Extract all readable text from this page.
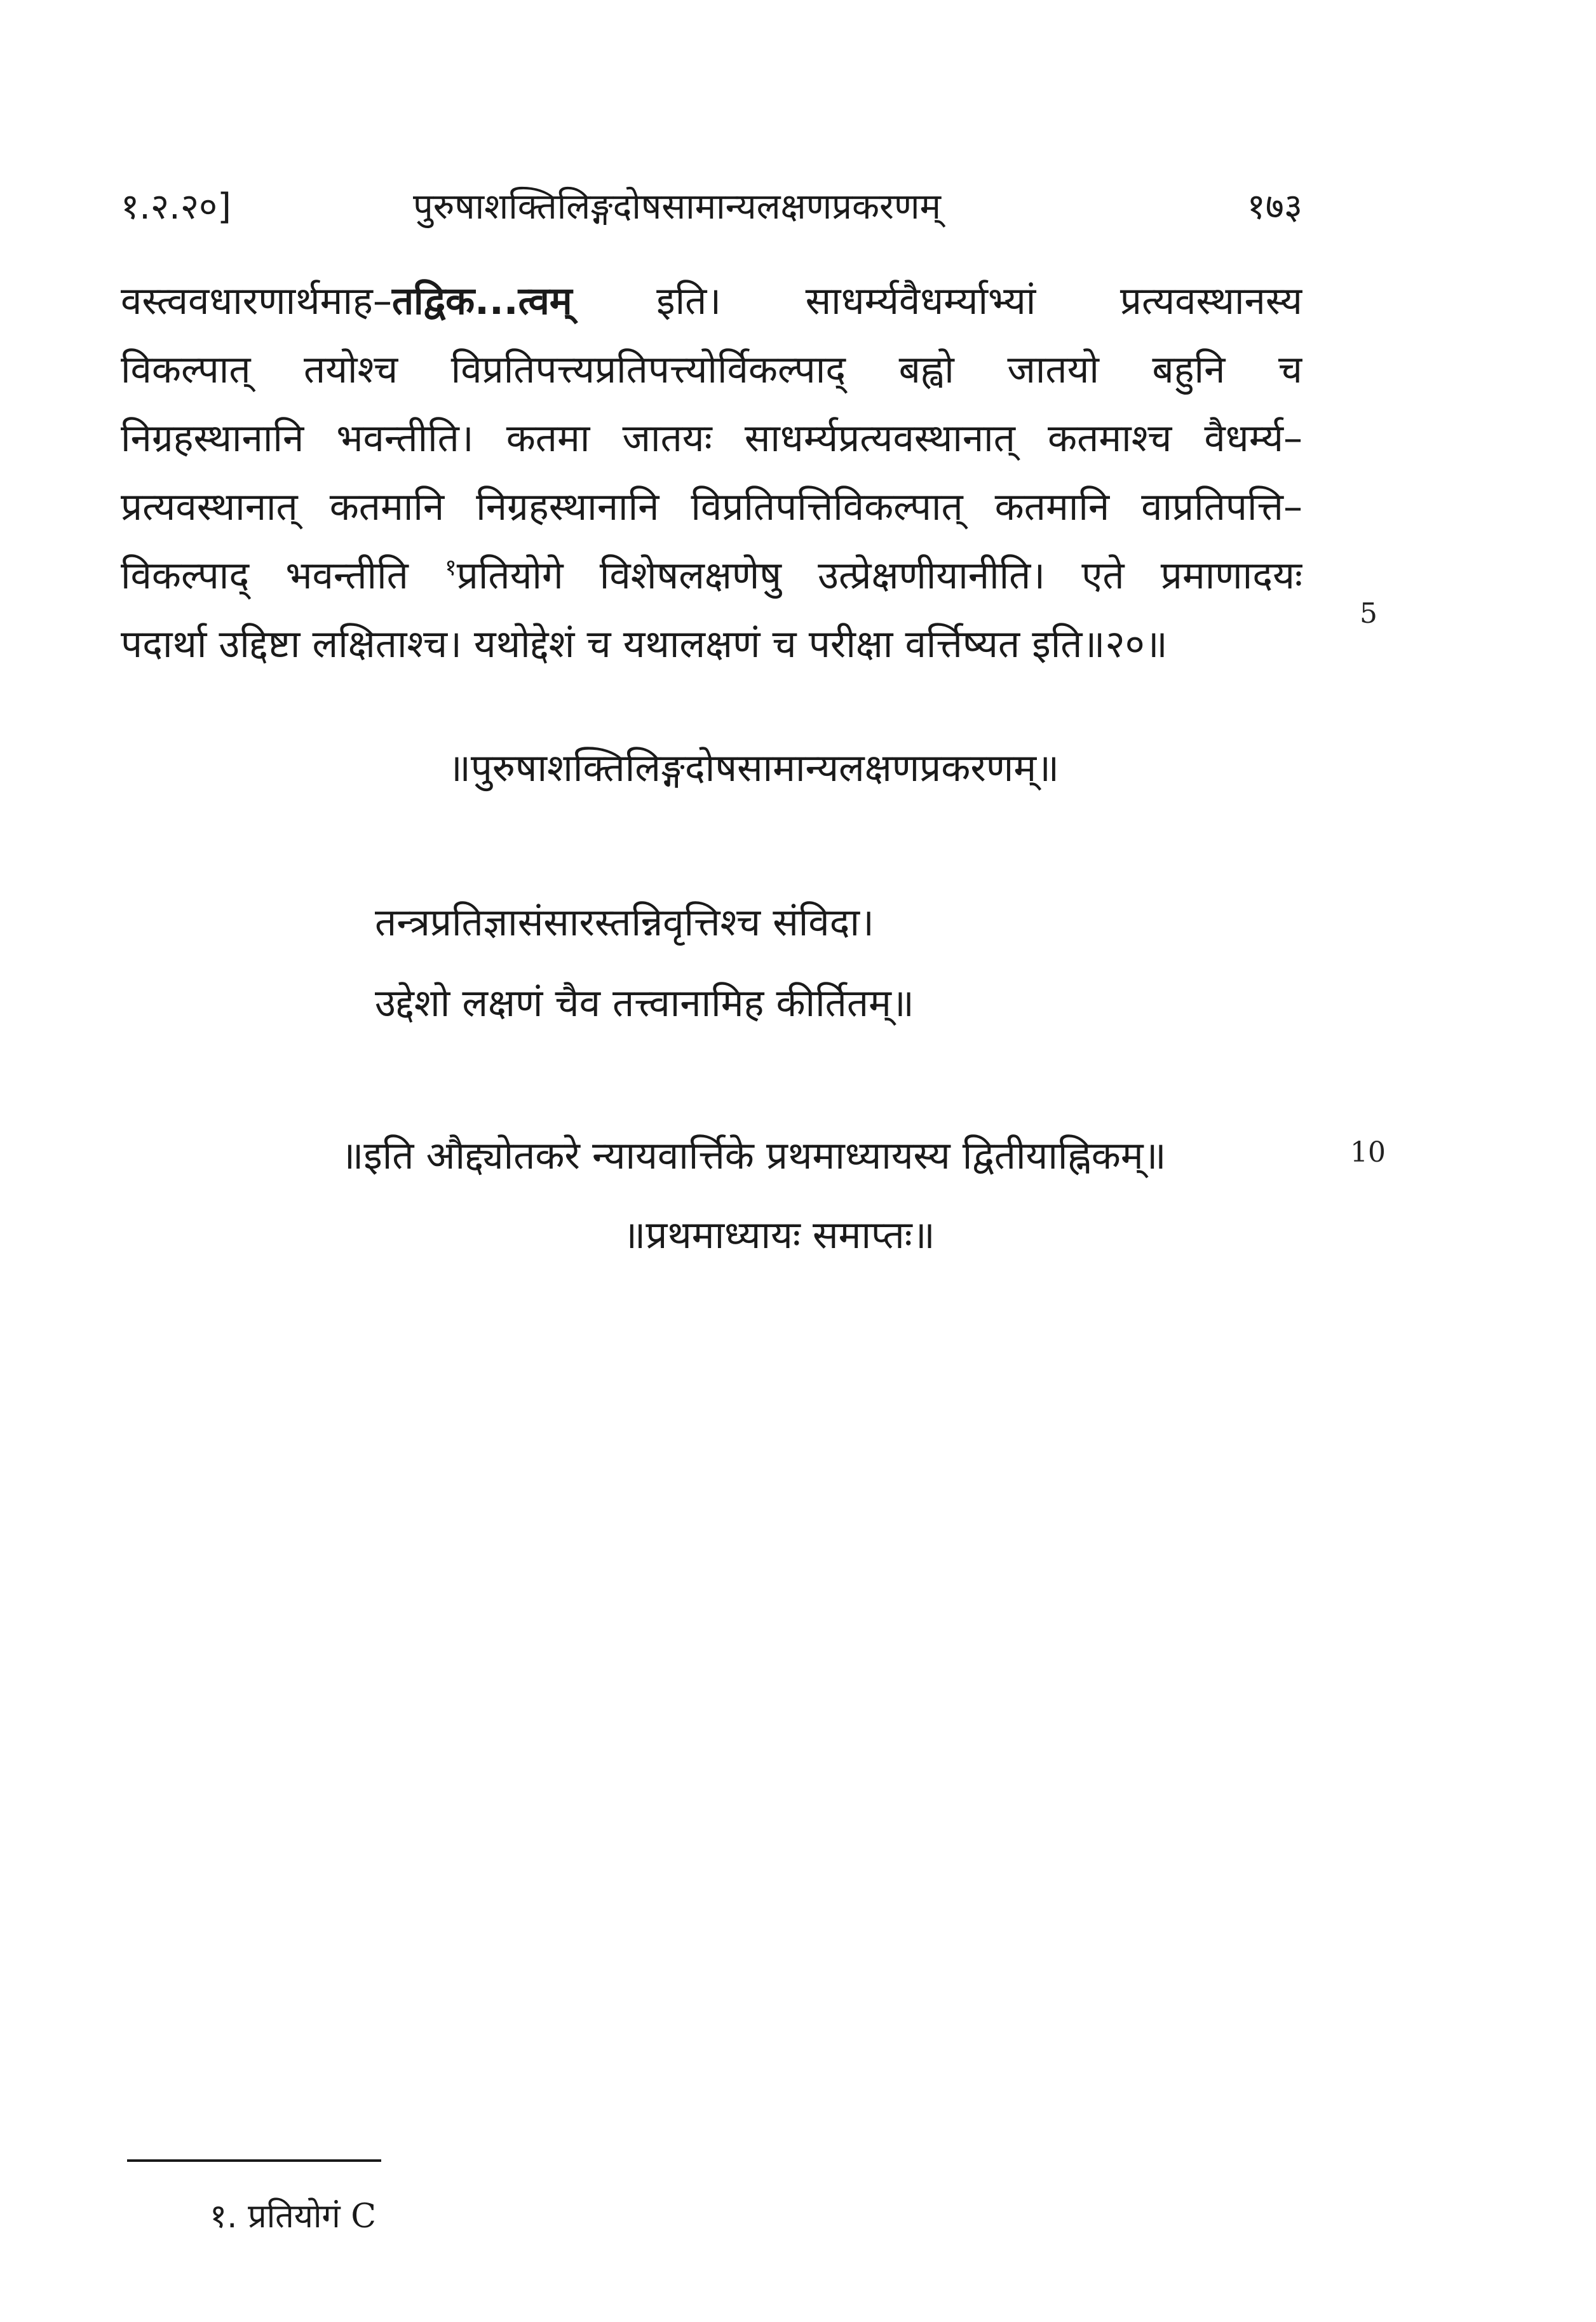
१.२.२०]	पुरुषाशक्तिलिङ्गदोषसामान्यलक्षणप्रकरणम्	१७३
वस्त्ववधारणार्थमाह–तद्विक...त्वम् इति। साधर्म्यवैधर्म्याभ्यां प्रत्यवस्थानस्य
विकल्पात् तयोश्च विप्रतिपत्त्यप्रतिपत्त्योर्विकल्पाद् बह्वो जातयो बहुनि च
निग्रहस्थानानि भवन्तीति। कतमा जातयः साधर्म्यप्रत्यवस्थानात् कतमाश्च वैधर्म्य–
प्रत्यवस्थानात् कतमानि निग्रहस्थानानि विप्रतिपत्तिविकल्पात् कतमानि वाप्रतिपत्ति–
विकल्पाद् भवन्तीति $^१$प्रतियोगे विशेषलक्षणेषु उत्प्रेक्षणीयानीति। एते प्रमाणादयः
पदार्था उद्दिष्टा लक्षिताश्च। यथोद्देशं च यथालक्षणं च परीक्षा वर्त्तिष्यत इति॥२०॥
5
॥पुरुषाशक्तिलिङ्गदोषसामान्यलक्षणप्रकरणम्॥
तन्त्रप्रतिज्ञासंसारस्तन्निवृत्तिश्च संविदा।
उद्देशो लक्षणं चैव तत्त्वानामिह कीर्तितम्॥
॥इति औद्द्योतकरे न्यायवार्त्तिके प्रथमाध्यायस्य द्वितीयाह्निकम्॥	10
॥प्रथमाध्यायः समाप्तः॥
१. प्रतियोगं C
